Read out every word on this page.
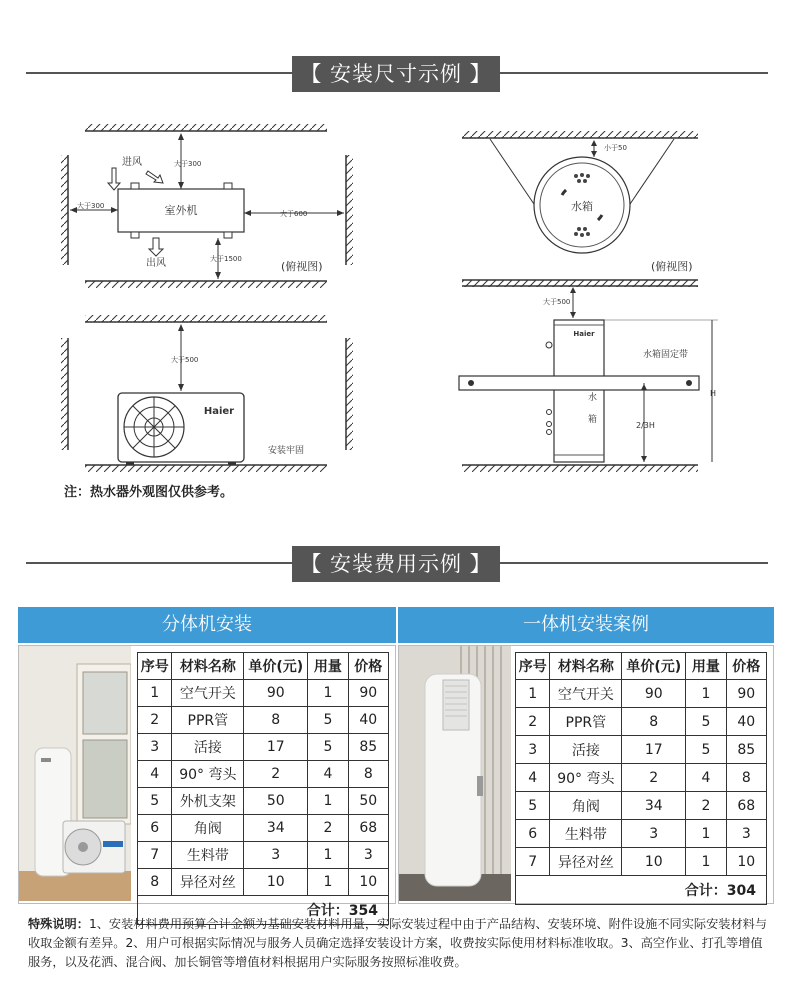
【 安装尺寸示例 】
室外机
大于300
大于300
大于600
大于1500
进风
出风	(俯视图)
水箱
小于50
(俯视图)
大于500
Haier
安装牢固
大于500
Haier
水箱固定带
水
箱
H
2/3H
注：热水器外观图仅供参考。
【 安装费用示例 】
分体机安装
序号	材料名称	单价(元)	用量	价格
1	空气开关	90	1	90
2	PPR管	8	5	40
3	活接	17	5	85
4	90° 弯头	2	4	8
5	外机支架	50	1	50
6	角阀	34	2	68
7	生料带	3	1	3
8	异径对丝	10	1	10
合计：354				
一体机安装案例
序号	材料名称	单价(元)	用量	价格
1	空气开关	90	1	90
2	PPR管	8	5	40
3	活接	17	5	85
4	90° 弯头	2	4	8
5	角阀	34	2	68
6	生料带	3	1	3
7	异径对丝	10	1	10
合计：304				
特殊说明：1、安装材料费用预算合计金额为基础安装材料用量，实际安装过程中由于产品结构、安装环境、附件设施不同实际安装材料与收取金额有差异。2、用户可根据实际情况与服务人员确定选择安装设计方案，收费按实际使用材料标准收取。3、高空作业、打孔等增值服务，以及花洒、混合阀、加长铜管等增值材料根据用户实际服务按照标准收费。
